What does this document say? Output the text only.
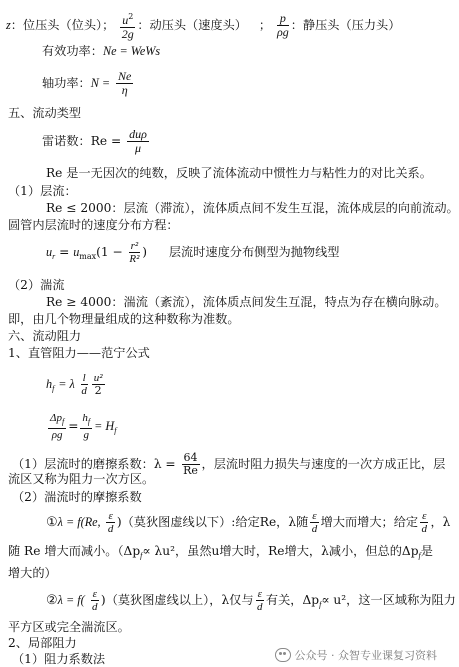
z：位压头（位头）； $\frac{u^2}{2g}$ ：动压头（速度头） ； $\frac{p}{\rho g}$ ：静压头（压力头）
有效功率：Ne = WeWs
轴功率：$N = \frac{Ne}{\eta}$
五、流动类型
雷诺数：$Re = \frac{\text{duρ}}{\mu}$
Re 是一无因次的纯数，反映了流体流动中惯性力与粘性力的对比关系。
（1）层流：
Re ≤ 2000：层流（滞流），流体质点间不发生互混，流体成层的向前流动。
圆管内层流时的速度分布方程：
$u_r = u_{max}(1 - \frac{\text{r²}}{\text{R²}}$ ) 层流时速度分布侧型为抛物线型
（2）湍流
Re ≥ 4000：湍流（紊流），流体质点间发生互混，特点为存在横向脉动。
即，由几个物理量组成的这种数称为准数。
六、流动阻力
1、直管阻力——范宁公式
$h_f = \lambda \frac{l}{d} \frac{\text{u²}}{2}$
$\frac{\Delta p_f}{\rho g} = \frac{h_f}{g} = H_f$
（1）层流时的磨擦系数：$\lambda = \frac{64}{Re}$ ，层流时阻力损失与速度的一次方成正比，层
流区又称为阻力一次方区。
（2）湍流时的摩擦系数
①λ = f(Re, $\frac{\varepsilon}{d}$ )（莫狄图虚线以下）:给定Re，λ随 $\frac{\varepsilon}{d}$ 增大而增大；给定 $\frac{\varepsilon}{d}$ ，λ
随 Re 增大而减小。（$\Delta p_f\propto \lambda u^2$，虽然u增大时，Re增大，λ减小，但总的$\Delta p_f$是
增大的）
②λ = $f( \frac{\varepsilon}{d}$ )（莫狄图虚线以上），λ仅与 $\frac{\varepsilon}{d}$ 有关，$\Delta p_f\propto u^2$，这一区域称为阻力
平方区或完全湍流区。
2、局部阻力
（1）阻力系数法	公众号 · 众智专业课复习资料
